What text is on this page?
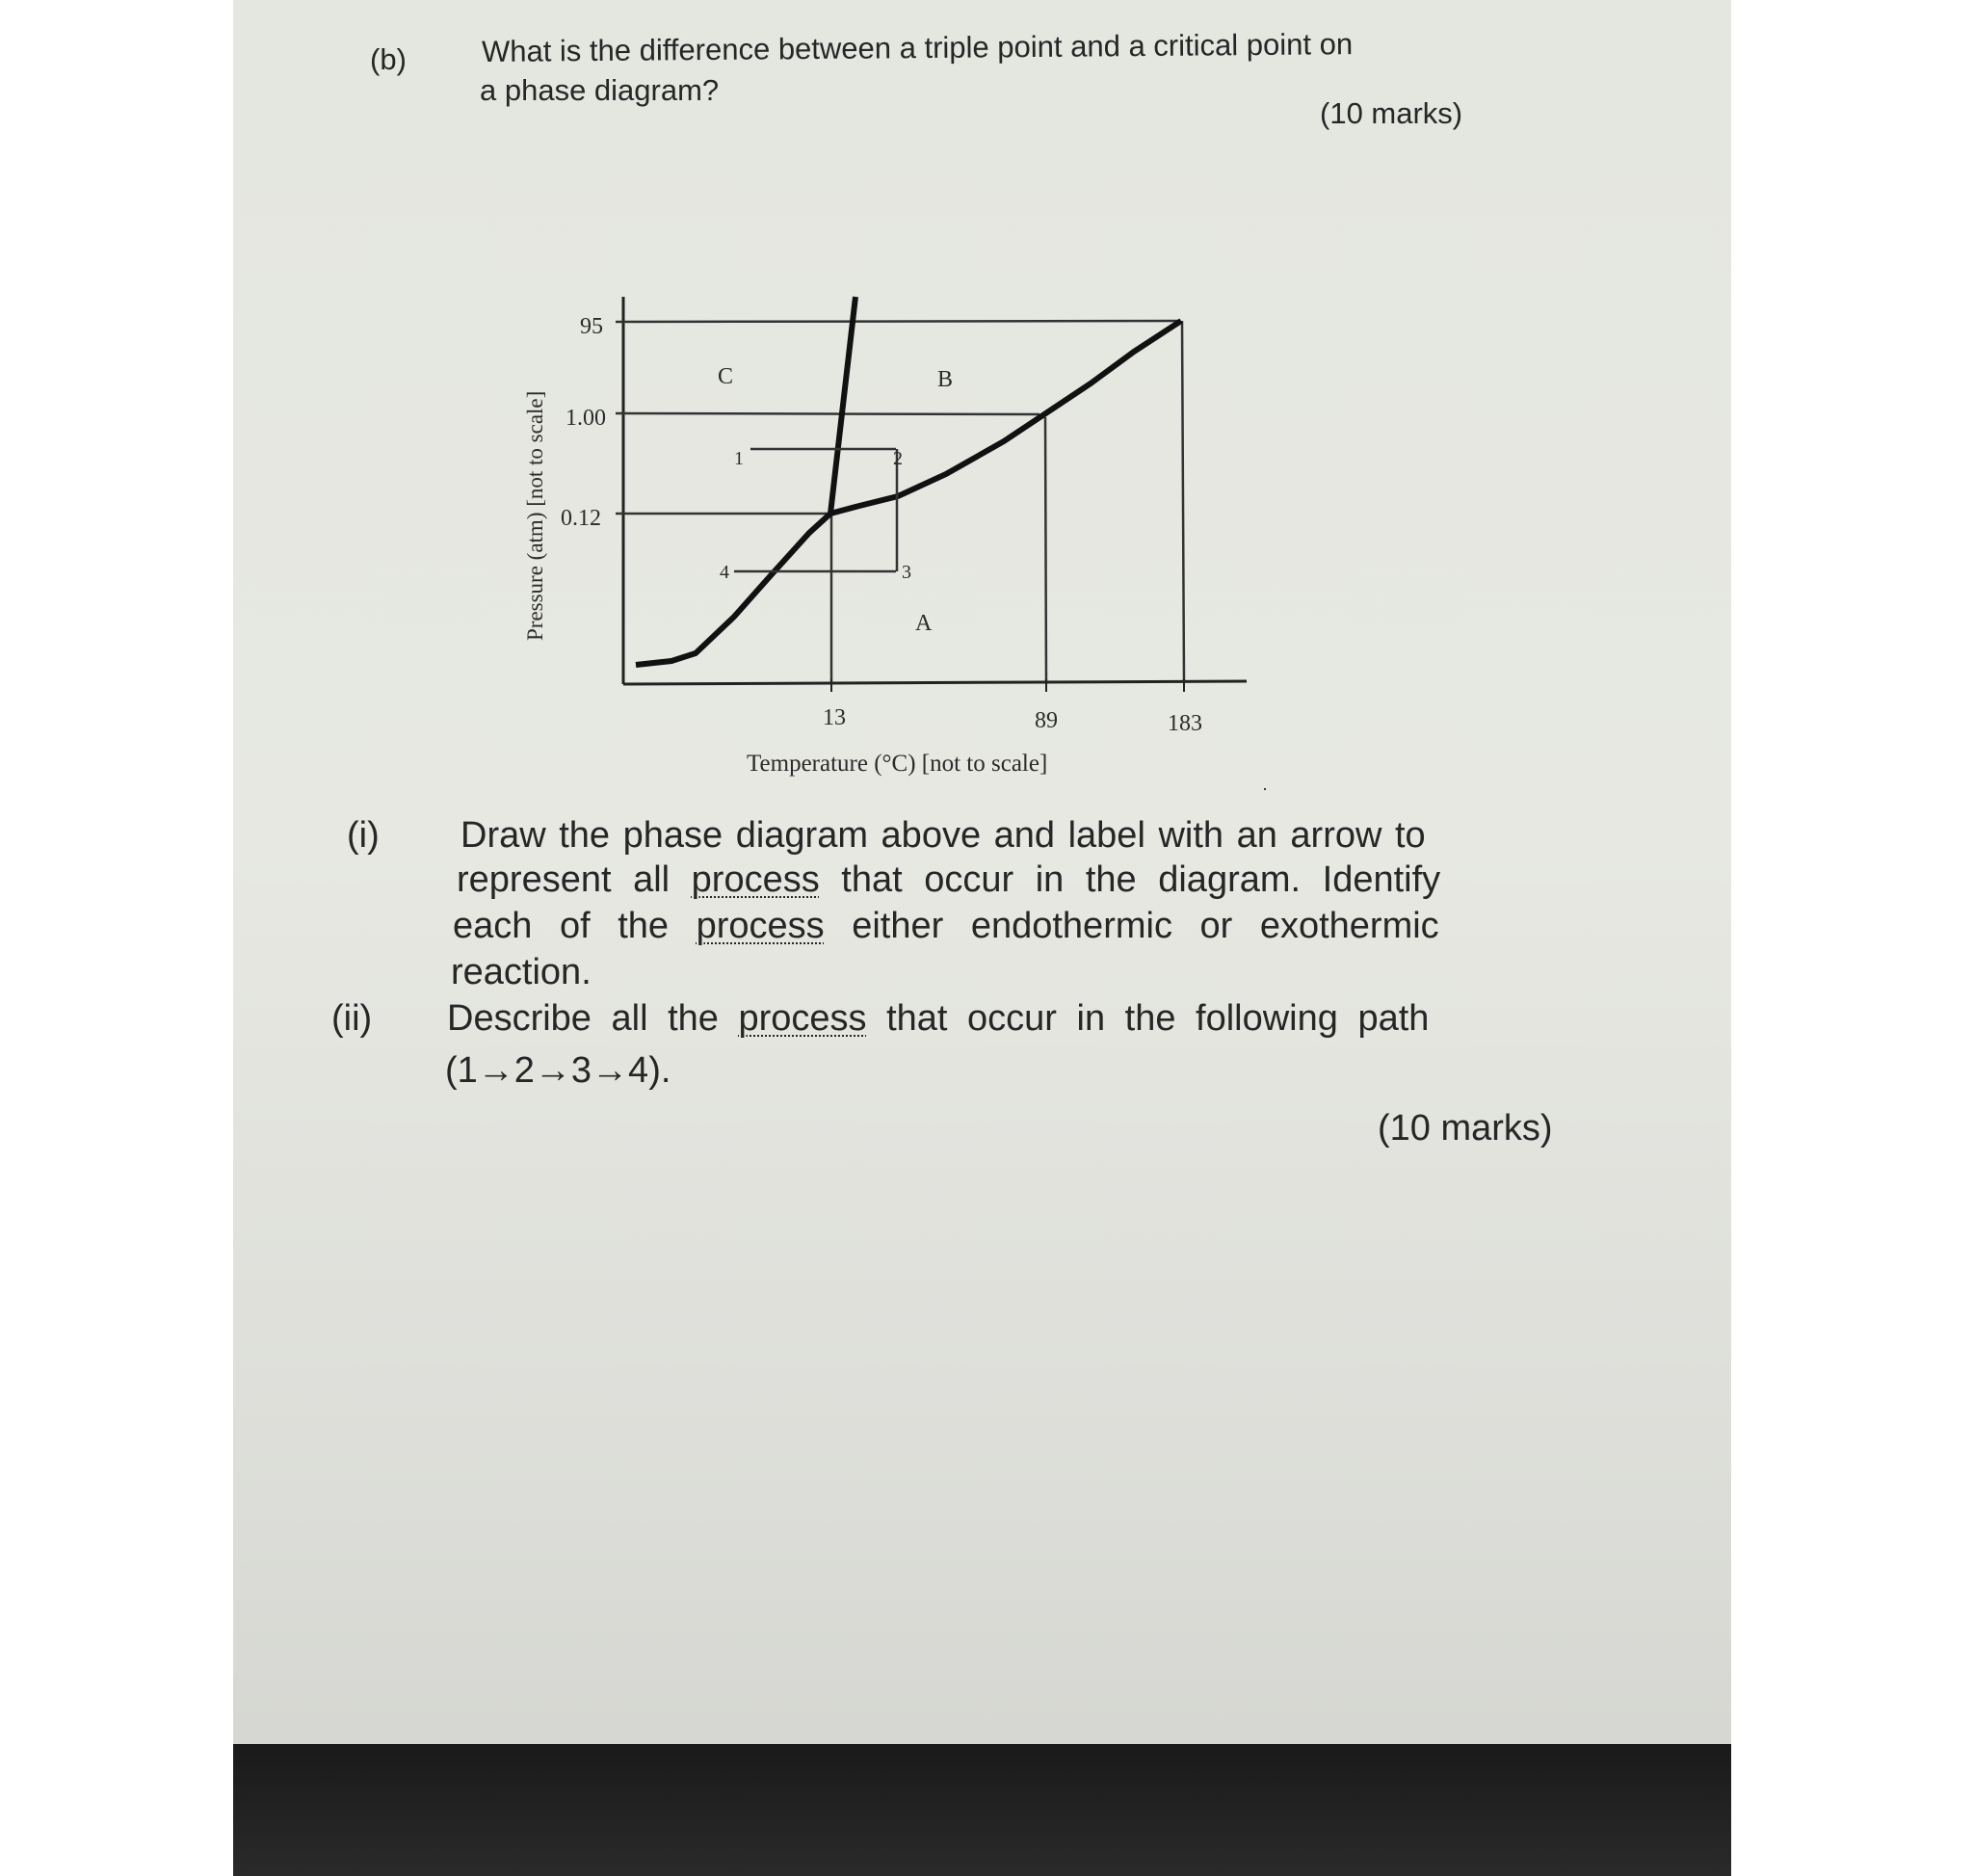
(b)	What is the difference between a triple point and a critical point on
a phase diagram?
(10 marks)
95
1.00
0.12
13	89	183
C	B
A
1	2
3
4
Pressure (atm) [not to scale]
Temperature (°C) [not to scale]
(i) Draw the phase diagram above and label with an arrow to
represent all process that occur in the diagram. Identify
each of the process either endothermic or exothermic
reaction.
(ii) Describe all the process that occur in the following path
(1→2→3→4).
(10 marks)
